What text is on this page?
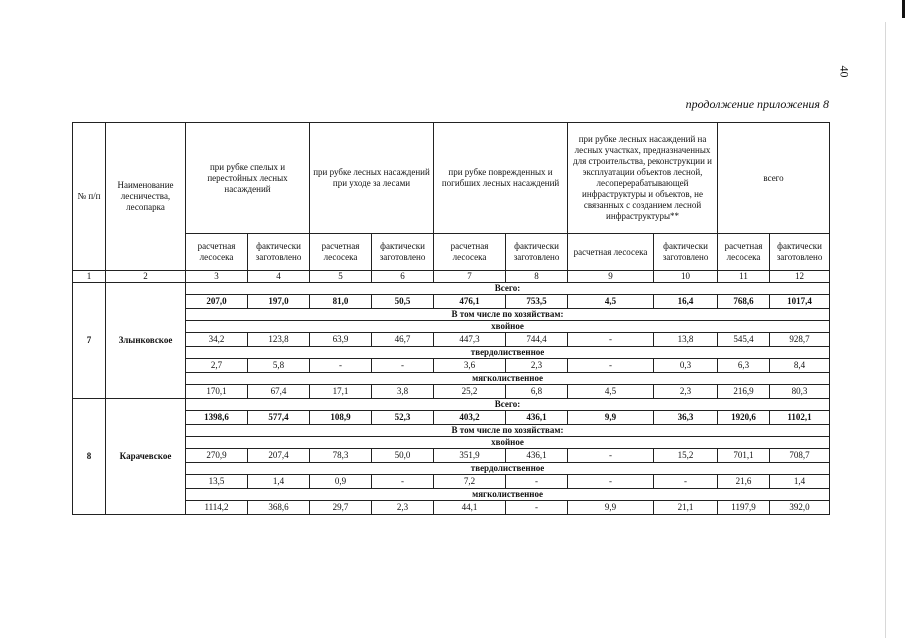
40
продолжение приложения 8
№ п/п	Наименование лесничества, лесопарка	при рубке спелых и перестойных лесных насаждений		при рубке лесных насаждений при уходе за лесами		при рубке поврежденных и погибших лесных насаждений		при рубке лесных насаждений на лесных участках, предназначенных для строительства, реконструкции и эксплуатации объектов лесной, лесоперерабатывающей инфраструктуры и объектов, не связанных с созданием лесной инфраструктуры**		всего	
		расчетная лесосека	фактически заготовлено	расчетная лесосека	фактически заготовлено	расчетная лесосека	фактически заготовлено	расчетная лесосека	фактически заготовлено	расчетная лесосека	фактически заготовлено
1	2	3	4	5	6	7	8	9	10	11	12
7	Злынковское	Всего:									
		207,0	197,0	81,0	50,5	476,1	753,5	4,5	16,4	768,6	1017,4
		В том числе по хозяйствам:									
		хвойное									
		34,2	123,8	63,9	46,7	447,3	744,4	-	13,8	545,4	928,7
		твердолиственное									
		2,7	5,8	-	-	3,6	2,3	-	0,3	6,3	8,4
		мягколиственное									
		170,1	67,4	17,1	3,8	25,2	6,8	4,5	2,3	216,9	80,3
8	Карачевское	Всего:									
		1398,6	577,4	108,9	52,3	403,2	436,1	9,9	36,3	1920,6	1102,1
		В том числе по хозяйствам:									
		хвойное									
		270,9	207,4	78,3	50,0	351,9	436,1	-	15,2	701,1	708,7
		твердолиственное									
		13,5	1,4	0,9	-	7,2	-	-	-	21,6	1,4
		мягколиственное									
		1114,2	368,6	29,7	2,3	44,1	-	9,9	21,1	1197,9	392,0
